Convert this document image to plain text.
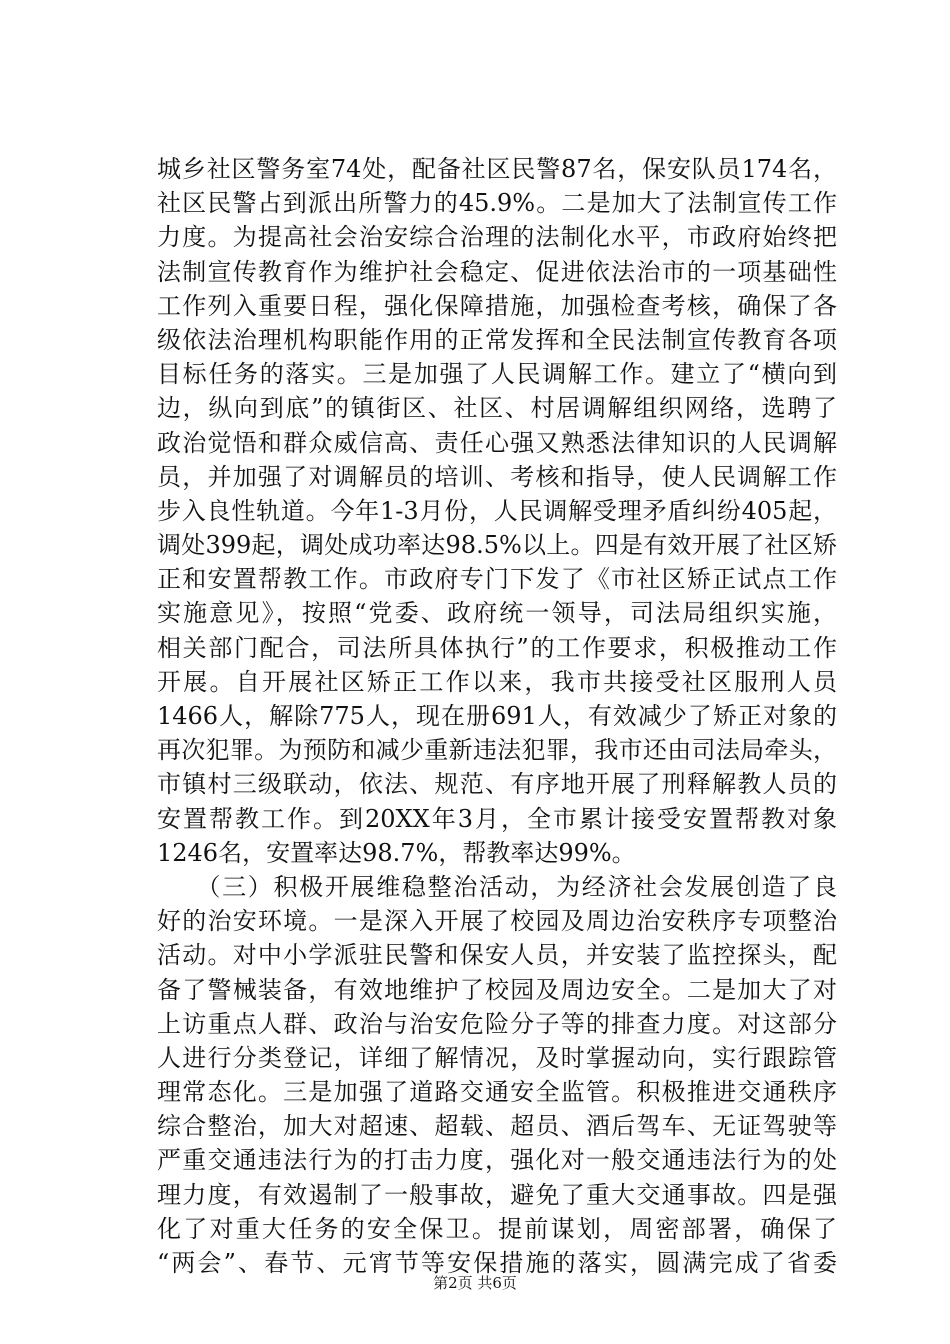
城乡社区警务室74处，配备社区民警87名，保安队员174名，
社区民警占到派出所警力的45.9%。二是加大了法制宣传工作
力度。为提高社会治安综合治理的法制化水平，市政府始终把
法制宣传教育作为维护社会稳定、促进依法治市的一项基础性
工作列入重要日程，强化保障措施，加强检查考核，确保了各
级依法治理机构职能作用的正常发挥和全民法制宣传教育各项
目标任务的落实。三是加强了人民调解工作。建立了“横向到
边，纵向到底”的镇街区、社区、村居调解组织网络，选聘了
政治觉悟和群众威信高、责任心强又熟悉法律知识的人民调解
员，并加强了对调解员的培训、考核和指导，使人民调解工作
步入良性轨道。今年1-3月份，人民调解受理矛盾纠纷405起，
调处399起，调处成功率达98.5%以上。四是有效开展了社区矫
正和安置帮教工作。市政府专门下发了《市社区矫正试点工作
实施意见》，按照“党委、政府统一领导，司法局组织实施，
相关部门配合，司法所具体执行”的工作要求，积极推动工作
开展。自开展社区矫正工作以来，我市共接受社区服刑人员
1466人，解除775人，现在册691人，有效减少了矫正对象的
再次犯罪。为预防和减少重新违法犯罪，我市还由司法局牵头，
市镇村三级联动，依法、规范、有序地开展了刑释解教人员的
安置帮教工作。到20XX年3月，全市累计接受安置帮教对象
1246名，安置率达98.7%，帮教率达99%。
　　（三）积极开展维稳整治活动，为经济社会发展创造了良
好的治安环境。一是深入开展了校园及周边治安秩序专项整治
活动。对中小学派驻民警和保安人员，并安装了监控探头，配
备了警械装备，有效地维护了校园及周边安全。二是加大了对
上访重点人群、政治与治安危险分子等的排查力度。对这部分
人进行分类登记，详细了解情况，及时掌握动向，实行跟踪管
理常态化。三是加强了道路交通安全监管。积极推进交通秩序
综合整治，加大对超速、超载、超员、酒后驾车、无证驾驶等
严重交通违法行为的打击力度，强化对一般交通违法行为的处
理力度，有效遏制了一般事故，避免了重大交通事故。四是强
化了对重大任务的安全保卫。提前谋划，周密部署，确保了
“两会”、春节、元宵节等安保措施的落实，圆满完成了省委
第2页 共6页
